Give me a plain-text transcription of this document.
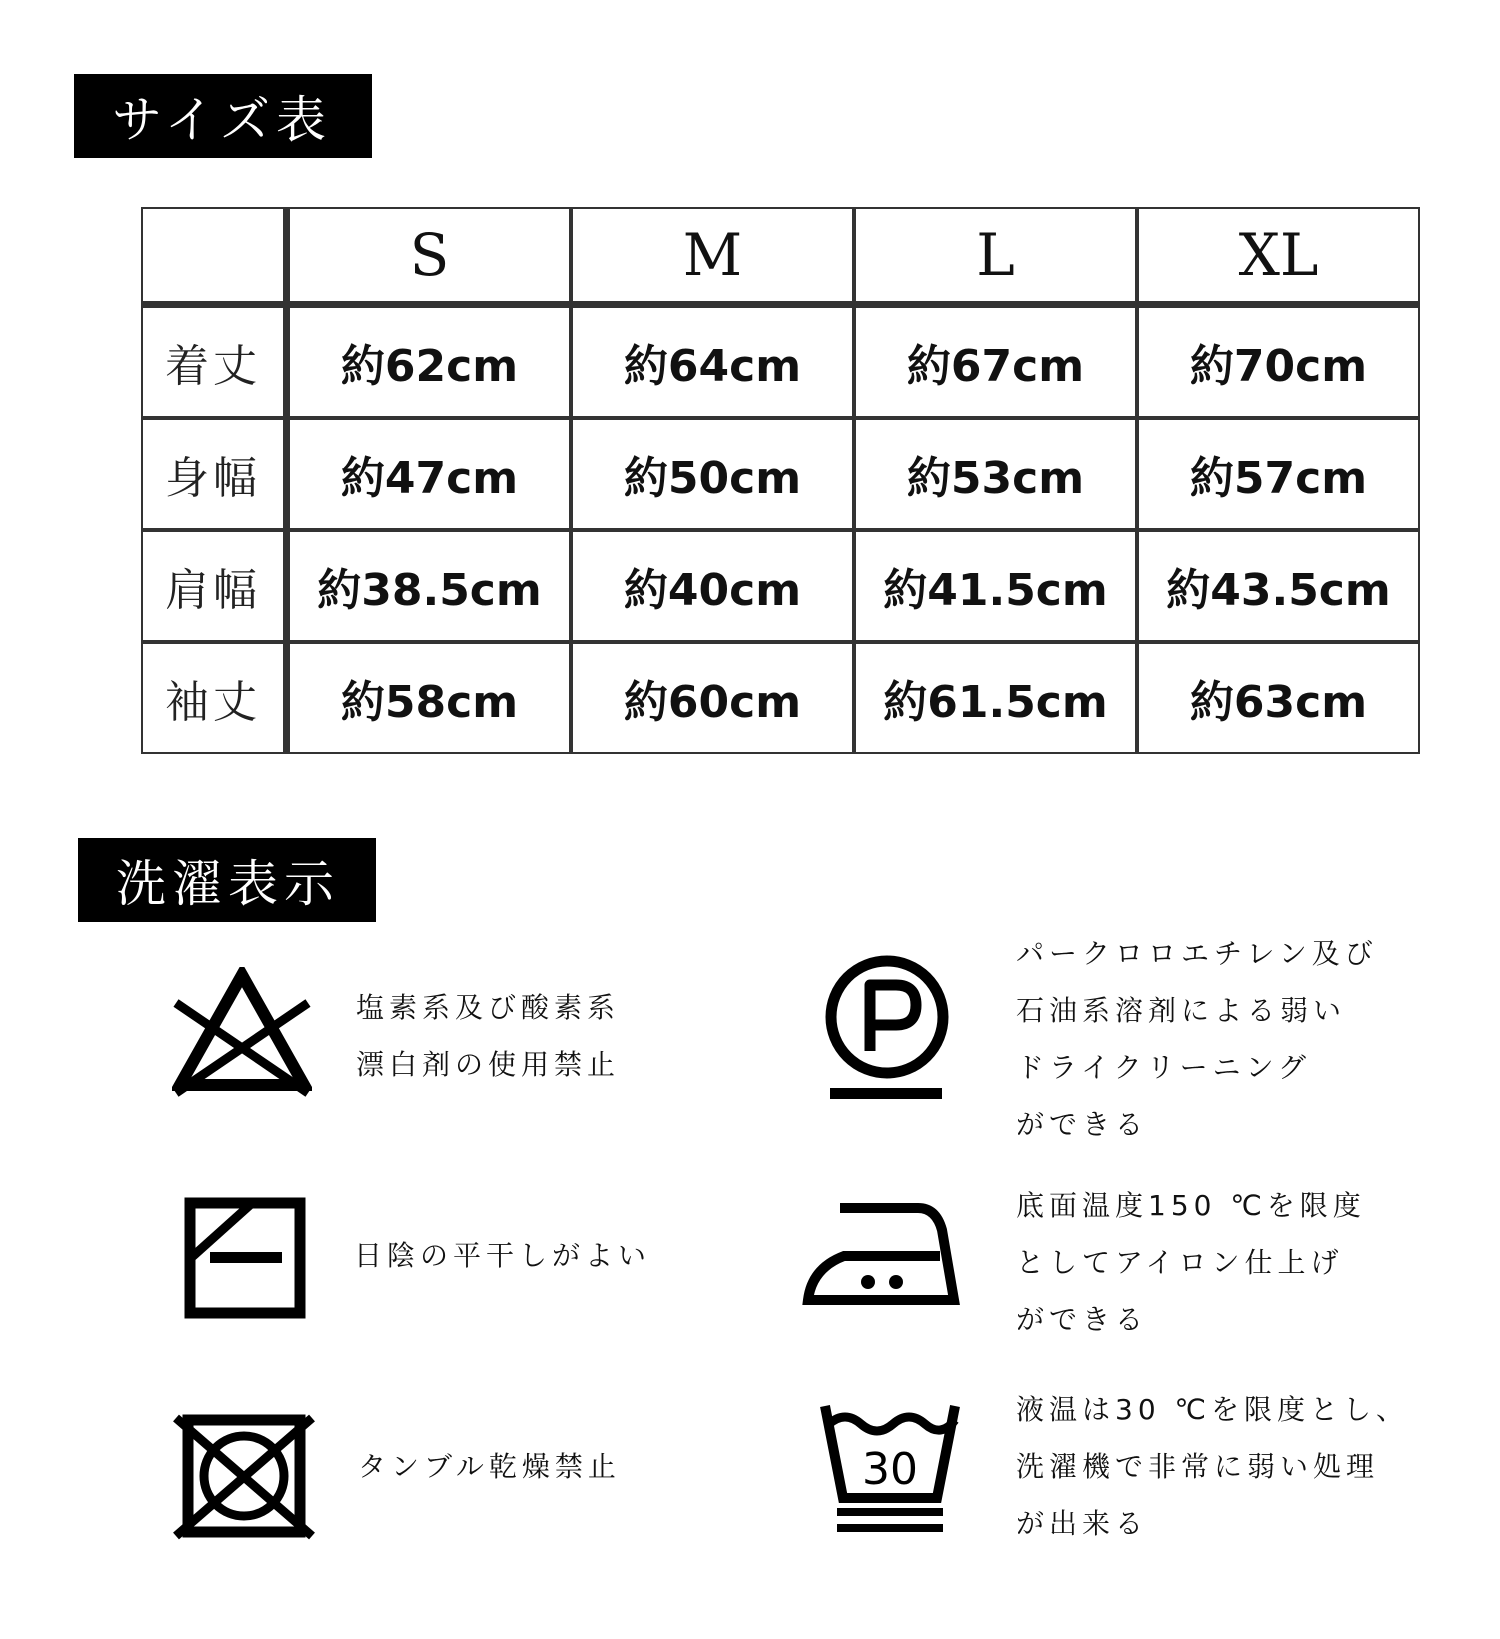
サイズ表
	S	M	L	XL
着丈	約62cm	約64cm	約67cm	約70cm
身幅	約47cm	約50cm	約53cm	約57cm
肩幅	約38.5cm	約40cm	約41.5cm	約43.5cm
袖丈	約58cm	約60cm	約61.5cm	約63cm
洗濯表示
塩素系及び酸素系
漂白剤の使用禁止
パークロロエチレン及び
石油系溶剤による弱い
ドライクリーニング
ができる
日陰の平干しがよい
底面温度150 ℃を限度
としてアイロン仕上げ
ができる
タンブル乾燥禁止	30
液温は30 ℃を限度とし、
洗濯機で非常に弱い処理
が出来る
